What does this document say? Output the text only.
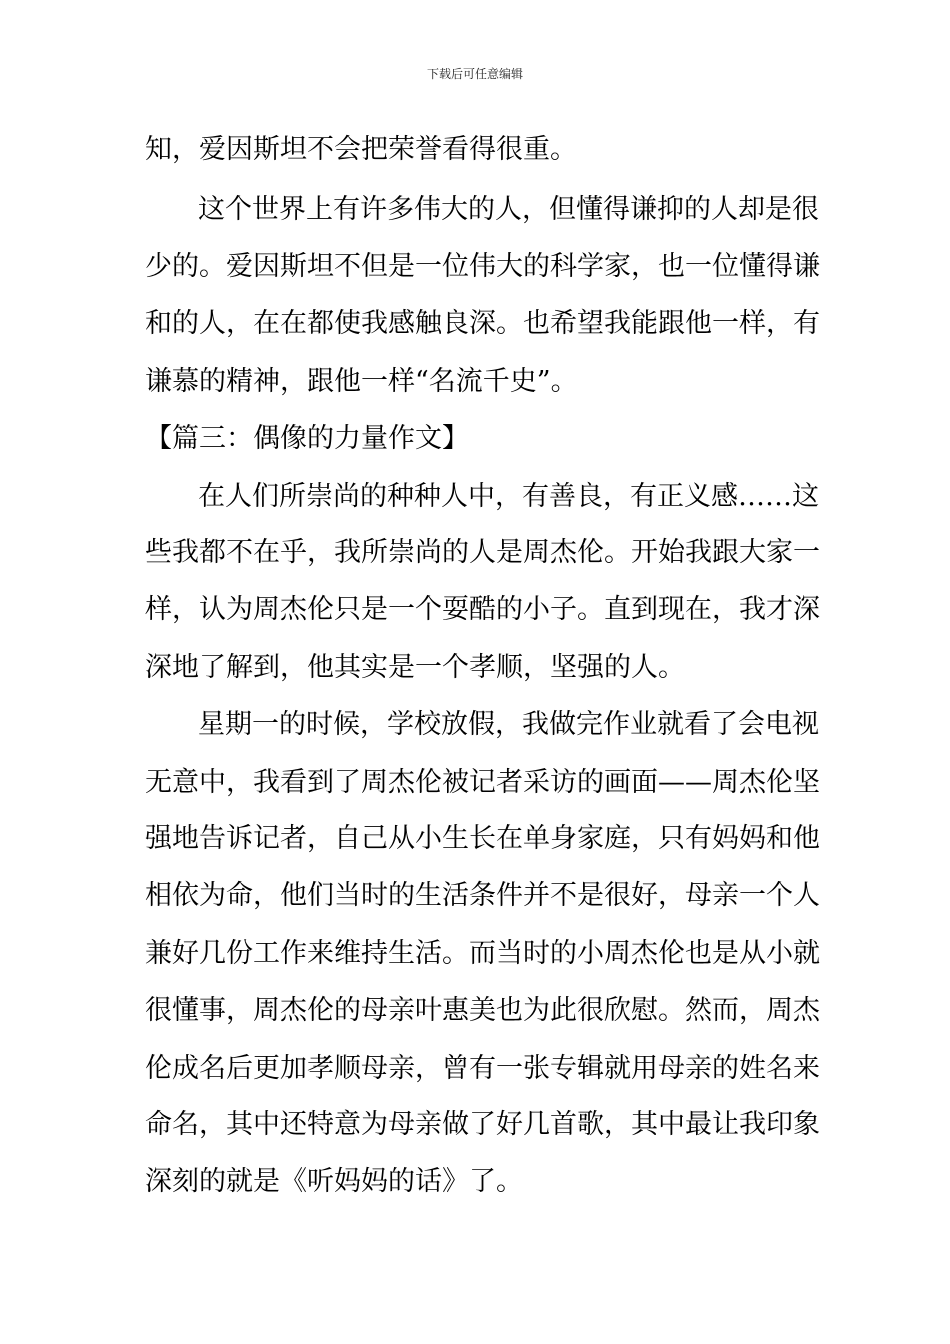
下载后可任意编辑
知，爱因斯坦不会把荣誉看得很重。
这个世界上有许多伟大的人，但懂得谦抑的人却是很
少的。爱因斯坦不但是一位伟大的科学家，也一位懂得谦
和的人，在在都使我感触良深。也希望我能跟他一样，有
谦慕的精神，跟他一样“名流千史”。
【篇三：偶像的力量作文】
在人们所崇尚的种种人中，有善良，有正义感……这
些我都不在乎，我所崇尚的人是周杰伦。开始我跟大家一
样，认为周杰伦只是一个耍酷的小子。直到现在，我才深
深地了解到，他其实是一个孝顺，坚强的人。
星期一的时候，学校放假，我做完作业就看了会电视
无意中，我看到了周杰伦被记者采访的画面——周杰伦坚
强地告诉记者，自己从小生长在单身家庭，只有妈妈和他
相依为命，他们当时的生活条件并不是很好，母亲一个人
兼好几份工作来维持生活。而当时的小周杰伦也是从小就
很懂事，周杰伦的母亲叶惠美也为此很欣慰。然而，周杰
伦成名后更加孝顺母亲，曾有一张专辑就用母亲的姓名来
命名，其中还特意为母亲做了好几首歌，其中最让我印象
深刻的就是《听妈妈的话》了。
